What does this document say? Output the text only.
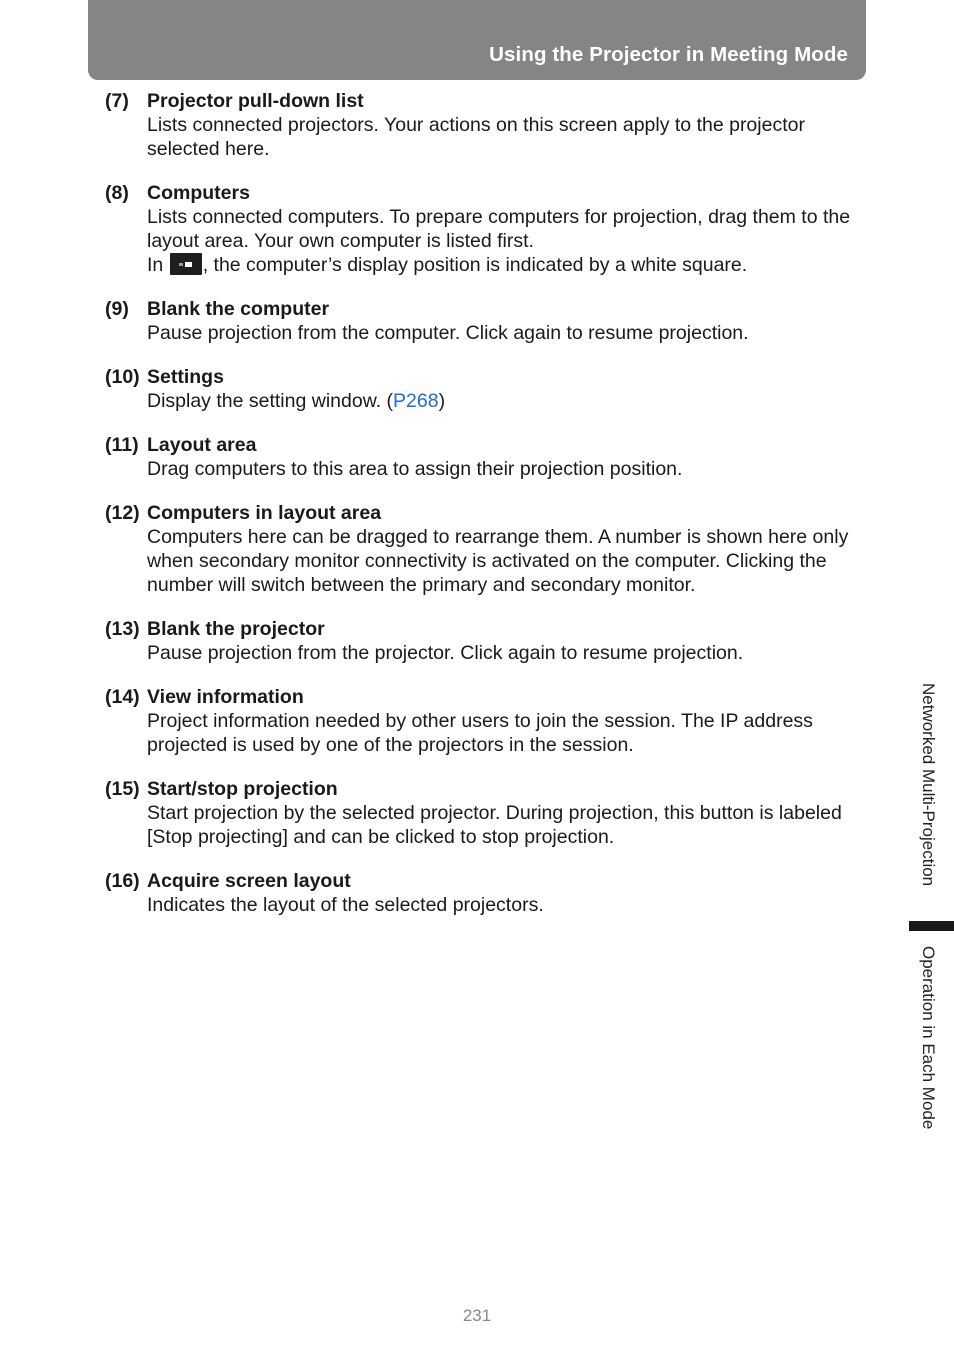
Using the Projector in Meeting Mode
(7) Projector pull-down list

Lists connected projectors. Your actions on this screen apply to the projector selected here.

(8) Computers

Lists connected computers. To prepare computers for projection, drag them to the layout area. Your own computer is listed first.

In
, the computer’s display position is indicated by a white square.

(9) Blank the computer

Pause projection from the computer. Click again to resume projection.

(10) Settings

Display the setting window. (P268)

(11) Layout area

Drag computers to this area to assign their projection position.

(12) Computers in layout area

Computers here can be dragged to rearrange them. A number is shown here only when secondary monitor connectivity is activated on the computer. Clicking the number will switch between the primary and secondary monitor.

(13) Blank the projector

Pause projection from the projector. Click again to resume projection.

(14) View information

Project information needed by other users to join the session. The IP address projected is used by one of the projectors in the session.

(15) Start/stop projection

Start projection by the selected projector. During projection, this button is labeled [Stop projecting] and can be clicked to stop projection.

(16) Acquire screen layout

Indicates the layout of the selected projectors.

Networked Multi-Projection
Operation in Each Mode
231
